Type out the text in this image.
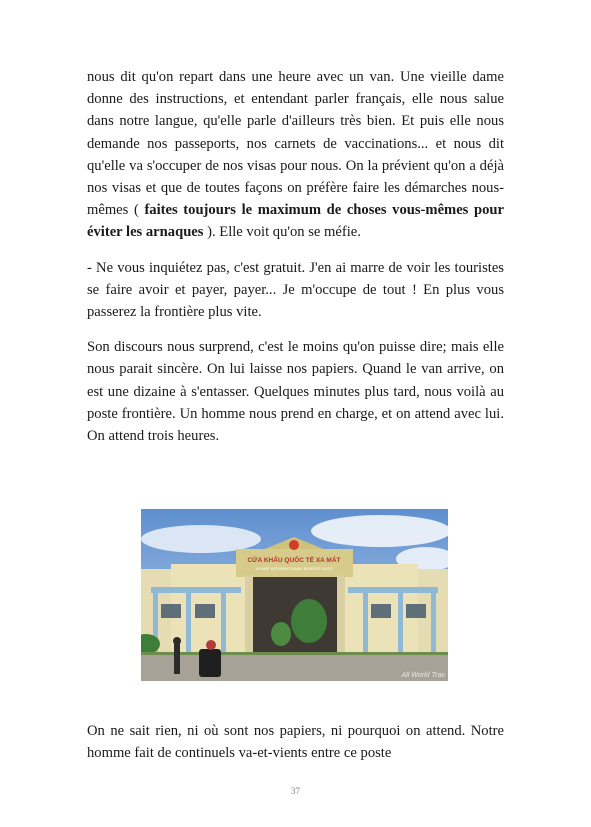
nous dit qu'on repart dans une heure avec un van. Une vieille dame donne des instructions, et entendant parler français, elle nous salue dans notre langue, qu'elle parle d'ailleurs très bien. Et puis elle nous demande nos passeports, nos carnets de vaccinations... et nous dit qu'elle va s'occuper de nos visas pour nous. On la prévient qu'on a déjà nos visas et que de toutes façons on préfère faire les démarches nous-mêmes ( faites toujours le maximum de choses vous-mêmes pour éviter les arnaques ). Elle voit qu'on se méfie.

- Ne vous inquiétez pas, c'est gratuit. J'en ai marre de voir les touristes se faire avoir et payer, payer... Je m'occupe de tout ! En plus vous passerez la frontière plus vite.

Son discours nous surprend, c'est le moins qu'on puisse dire; mais elle nous parait sincère. On lui laisse nos papiers. Quand le van arrive, on est une dizaine à s'entasser. Quelques minutes plus tard, nous voilà au poste frontière. Un homme nous prend en charge, et on attend avec lui. On attend trois heures.

CỬA KHẨU QUỐC TẾ XA MÁT
XA MAT INTERNATIONAL BORDER GATE
All World Trav

On ne sait rien, ni où sont nos papiers, ni pourquoi on attend. Notre homme fait de continuels va-et-vients entre ce poste

37
